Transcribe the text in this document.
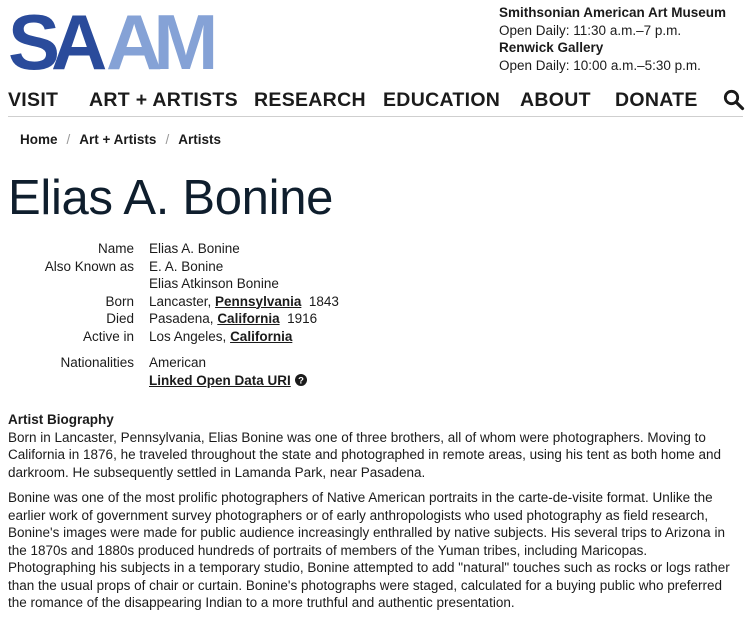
SA AM	Smithsonian American Art Museum
Open Daily: 11:30 a.m.–7 p.m.
Renwick Gallery
Open Daily: 10:00 a.m.–5:30 p.m.
VISIT ART + ARTISTS RESEARCH EDUCATION ABOUT DONATE
Home / Art + Artists / Artists
Elias A. Bonine
Name Elias A. Bonine
Also Known as E. A. Bonine
Elias Atkinson Bonine
Born Lancaster, Pennsylvania 1843
Died Pasadena, California 1916
Active in Los Angeles, California
Nationalities American
Linked Open Data URI ?
Artist Biography

Born in Lancaster, Pennsylvania, Elias Bonine was one of three brothers, all of whom were photographers. Moving to California in 1876, he traveled throughout the state and photographed in remote areas, using his tent as both home and darkroom. He subsequently settled in Lamanda Park, near Pasadena.

Bonine was one of the most prolific photographers of Native American portraits in the carte-de-visite format. Unlike the earlier work of government survey photographers or of early anthropologists who used photography as field research, Bonine's images were made for public audience increasingly enthralled by native subjects. His several trips to Arizona in the 1870s and 1880s produced hundreds of portraits of members of the Yuman tribes, including Maricopas. Photographing his subjects in a temporary studio, Bonine attempted to add "natural" touches such as rocks or logs rather than the usual props of chair or curtain. Bonine's photographs were staged, calculated for a buying public who preferred the romance of the disappearing Indian to a more truthful and authentic presentation.
